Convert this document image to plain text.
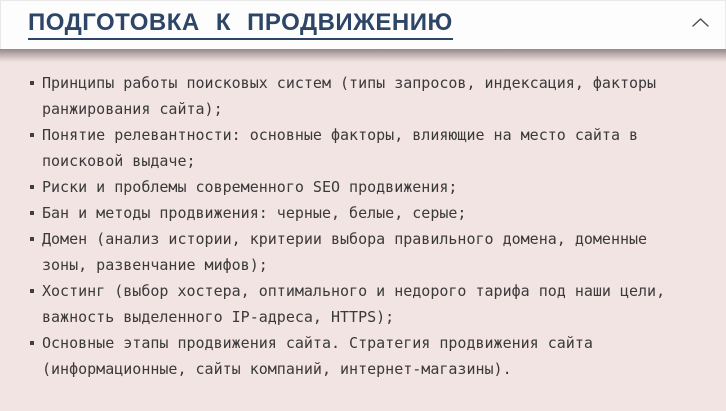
ПОДГОТОВКА К ПРОДВИЖЕНИЮ
Принципы работы поисковых систем (типы запросов, индексация, факторы ранжирования сайта);
Понятие релевантности: основные факторы, влияющие на место сайта в поисковой выдаче;
Риски и проблемы современного SEO продвижения;
Бан и методы продвижения: черные, белые, серые;
Домен (анализ истории, критерии выбора правильного домена, доменные зоны, развенчание мифов);
Хостинг (выбор хостера, оптимального и недорого тарифа под наши цели, важность выделенного IP-адреса, HTTPS);
Основные этапы продвижения сайта. Стратегия продвижения сайта (информационные, сайты компаний, интернет-магазины).
